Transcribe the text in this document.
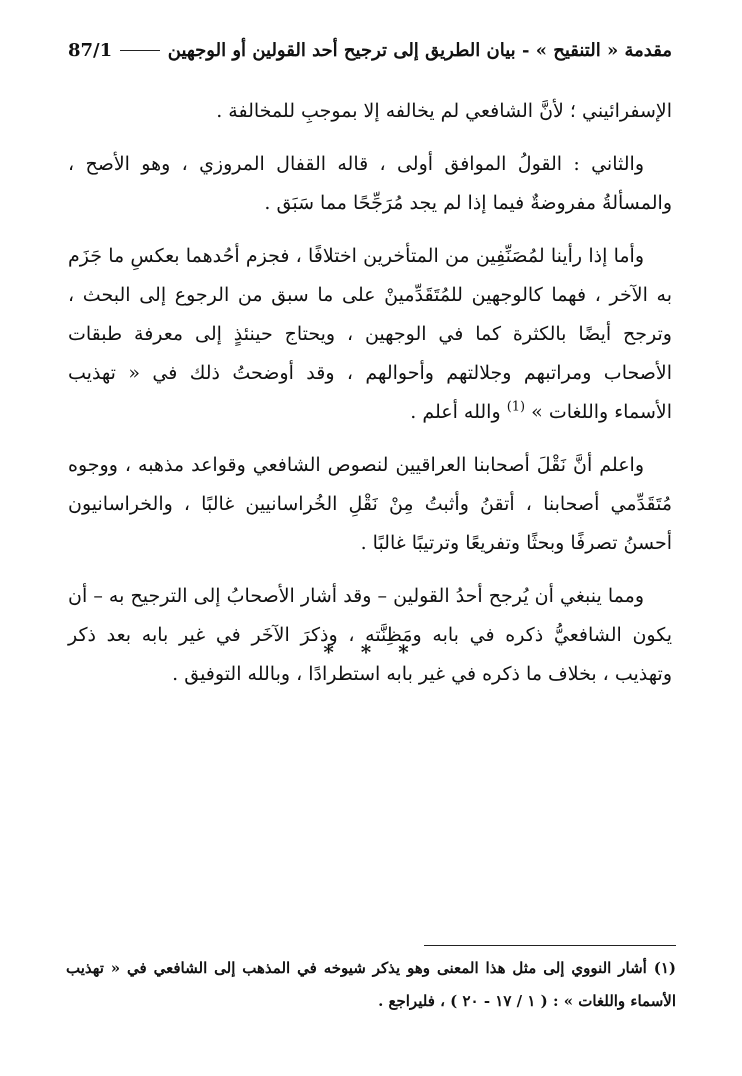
مقدمة « التنقيح » - بيان الطريق إلى ترجيح أحد القولين أو الوجهين
87/1

الإسفرائيني ؛ لأنَّ الشافعي لم يخالفه إلا بموجبِ للمخالفة .

والثاني : القولُ الموافق أولى ، قاله القفال المروزي ، وهو الأصح ، والمسألةُ مفروضةٌ فيما إذا لم يجد مُرَجِّحًا مما سَبَق .

وأما إذا رأينا لمُصَنِّفِين من المتأخرين اختلافًا ، فجزم أحُدهما بعكسِ ما جَزَم به الآخر ، فهما كالوجهين للمُتَقَدِّمينْ على ما سبق من الرجوع إلى البحث ، وترجح أيضًا بالكثرة كما في الوجهين ، ويحتاج حينئذٍ إلى معرفة طبقات الأصحاب ومراتبهم وجلالتهم وأحوالهم ، وقد أوضحتُ ذلك في « تهذيب الأسماء واللغات » $^{(1)}$ والله أعلم .

واعلم أنَّ نَقْلَ أصحابنا العراقيين لنصوص الشافعي وقواعد مذهبه ، ووجوه مُتَقَدِّمي أصحابنا ، أتقنُ وأثبتُ مِنْ نَقْلِ الخُراسانيين غالبًا ، والخراسانيون أحسنُ تصرفًا وبحثًا وتفريعًا وترتيبًا غالبًا .

ومما ينبغي أن يُرجح أحدُ القولين – وقد أشار الأصحابُ إلى الترجيح به – أن يكون الشافعيُّ ذكره في بابه ومَظِنَّته ، وذكرَ الآخَر في غير بابه بعد ذكر وتهذيب ، بخلاف ما ذكره في غير بابه استطرادًا ، وبالله التوفيق .

* * *

(١) أشار النووي إلى مثل هذا المعنى وهو يذكر شيوخه في المذهب إلى الشافعي في « تهذيب الأسماء واللغات » : ( ١ / ١٧ - ٢٠ ) ، فليراجع .
